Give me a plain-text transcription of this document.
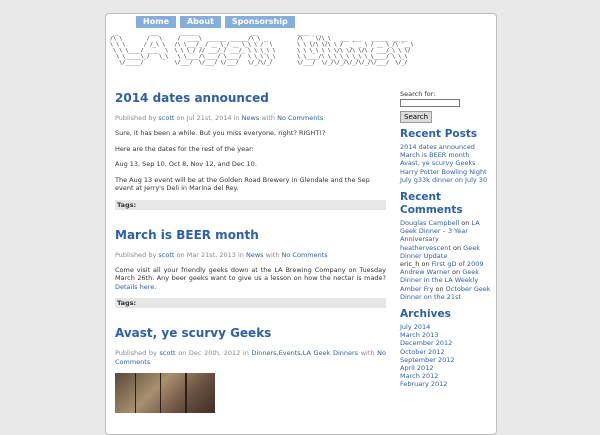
Home	About	Sponsorship
__          ___       ______                 __             ____   _
/\ \        /   \     /  ____\  ______ ______/\ \ __         /\  _`\/\_\   ___ ___   ______ __ __
\ \ \      / /_\ \   /\ \___/_ / __ \_/ __ \_\ \ /  \        \ \ \/\ \/\ \ /  _` _ \ / __ \_/\`'__\
\ \ \____/ ____  \  \ \ \_/ // ___/_/ ___/_ \ \ \_\ \       \ \ \_\ \ \ \/\ \/\ \/\ / ___/_\ \ \/
\ \_____\_/   \_\   \ \____/\____/ \____/  \ \_\ \_\       \ \____/\ \_\ \_\ \_\ \_\____/ \ \_\
\/_____/          \/___/  \/___/ \/___/   \/_/\/_/        \/___/  \/_/\/_/\/_/\/_/\/___/  \/_/
2014 dates announced
Published by scott on Jul 21st, 2014 in News with No Comments

Sure, it has been a while. But you miss everyone, right? RIGHT!?

Here are the dates for the rest of the year:

Aug 13, Sep 10, Oct 8, Nov 12, and Dec 10.

The Aug 13 event will be at the Golden Road Brewery in Glendale and the Sep event at Jerry's Deli in Marina del Rey.

Tags:
March is BEER month
Published by scott on Mar 21st, 2013 in News with No Comments

Come visit all your friendly geeks down at the LA Brewing Company on Tuesday March 26th. Any beer geeks want to give us a lesson on how the nectar is made? Details here.

Tags:
Avast, ye scurvy Geeks
Published by scott on Dec 20th, 2012 in Dinners,Events,LA Geek Dinners with No Comments
Search for:
Search
Recent Posts
2014 dates announced
March is BEER month
Avast, ye scurvy Geeks
Harry Potter Bowling Night
July g33k dinner on July 30
Recent Comments
Douglas Campbell on LA Geek Dinner – 3 Year Anniversary
heathervescent on Geek Dinner Update
eric_h on First gD of 2009
Andrew Warner on Geek Dinner in the LA Weekly
Amber Fry on October Geek Dinner on the 21st
Archives
July 2014
March 2013
December 2012
October 2012
September 2012
April 2012
March 2012
February 2012
